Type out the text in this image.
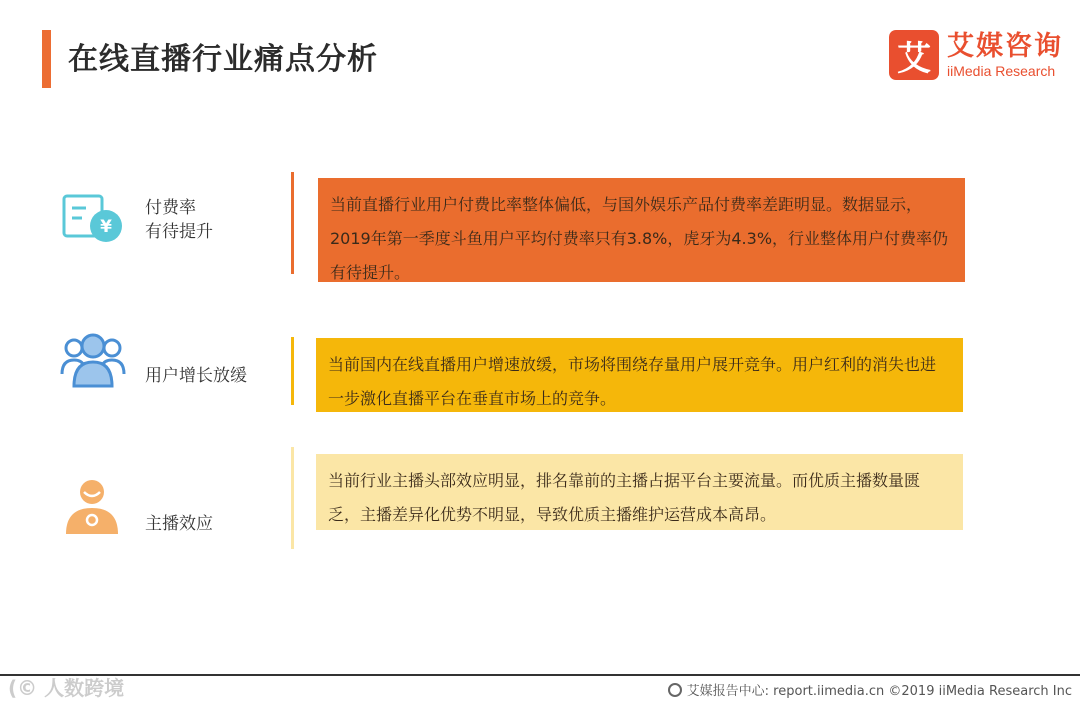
在线直播行业痛点分析	艾 艾媒咨询
iiMedia Research
¥
付费率
有待提升
当前直播行业用户付费比率整体偏低，与国外娱乐产品付费率差距明显。数据显示，2019年第一季度斗鱼用户平均付费率只有3.8%，虎牙为4.3%，行业整体用户付费率仍有待提升。
用户增长放缓
当前国内在线直播用户增速放缓，市场将围绕存量用户展开竞争。用户红利的消失也进一步激化直播平台在垂直市场上的竞争。
主播效应
当前行业主播头部效应明显，排名靠前的主播占据平台主要流量。而优质主播数量匮乏，主播差异化优势不明显，导致优质主播维护运营成本高昂。
(© 人数跨境	艾媒报告中心: report.iimedia.cn ©2019 iiMedia Research Inc
